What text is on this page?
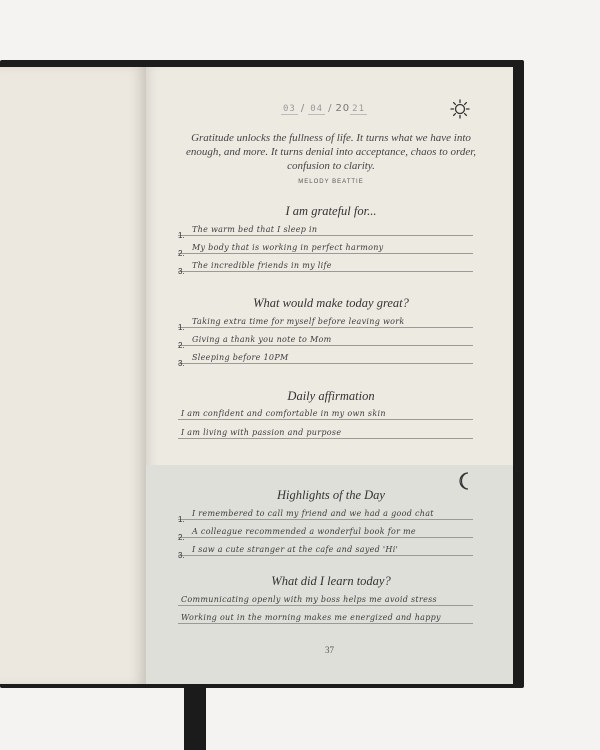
03 / 04 / 20 21
Gratitude unlocks the fullness of life. It turns what we have into enough, and more. It turns denial into acceptance, chaos to order, confusion to clarity.
MELODY BEATTIE
I am grateful for...
1.
The warm bed that I sleep in
2.
My body that is working in perfect harmony
3.
The incredible friends in my life
What would make today great?
1.
Taking extra time for myself before leaving work
2.
Giving a thank you note to Mom
3.
Sleeping before 10PM
Daily affirmation
I am confident and comfortable in my own skin
I am living with passion and purpose
Highlights of the Day
1.
I remembered to call my friend and we had a good chat
2.
A colleague recommended a wonderful book for me
3.
I saw a cute stranger at the cafe and sayed 'Hi'
What did I learn today?
Communicating openly with my boss helps me avoid stress
Working out in the morning makes me energized and happy
37
